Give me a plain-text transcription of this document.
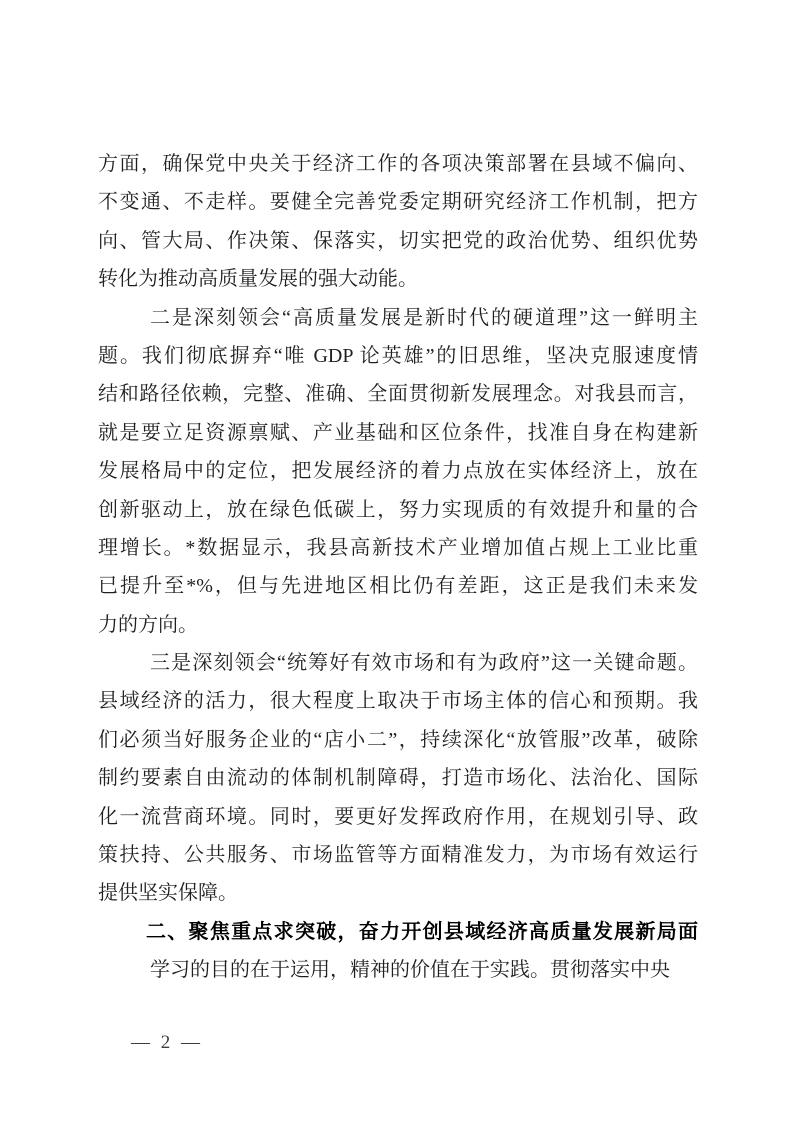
方面，确保党中央关于经济工作的各项决策部署在县域不偏向、
不变通、不走样。要健全完善党委定期研究经济工作机制，把方
向、管大局、作决策、保落实，切实把党的政治优势、组织优势
转化为推动高质量发展的强大动能。
二是深刻领会“高质量发展是新时代的硬道理”这一鲜明主
题。我们彻底摒弃“唯 GDP 论英雄”的旧思维，坚决克服速度情
结和路径依赖，完整、准确、全面贯彻新发展理念。对我县而言，
就是要立足资源禀赋、产业基础和区位条件，找准自身在构建新
发展格局中的定位，把发展经济的着力点放在实体经济上，放在
创新驱动上，放在绿色低碳上，努力实现质的有效提升和量的合
理增长。*数据显示，我县高新技术产业增加值占规上工业比重
已提升至*%，但与先进地区相比仍有差距，这正是我们未来发
力的方向。
三是深刻领会“统筹好有效市场和有为政府”这一关键命题。
县域经济的活力，很大程度上取决于市场主体的信心和预期。我
们必须当好服务企业的“店小二”，持续深化“放管服”改革，破除
制约要素自由流动的体制机制障碍，打造市场化、法治化、国际
化一流营商环境。同时，要更好发挥政府作用，在规划引导、政
策扶持、公共服务、市场监管等方面精准发力，为市场有效运行
提供坚实保障。
二、聚焦重点求突破，奋力开创县域经济高质量发展新局面
学习的目的在于运用，精神的价值在于实践。贯彻落实中央
— 2 —
